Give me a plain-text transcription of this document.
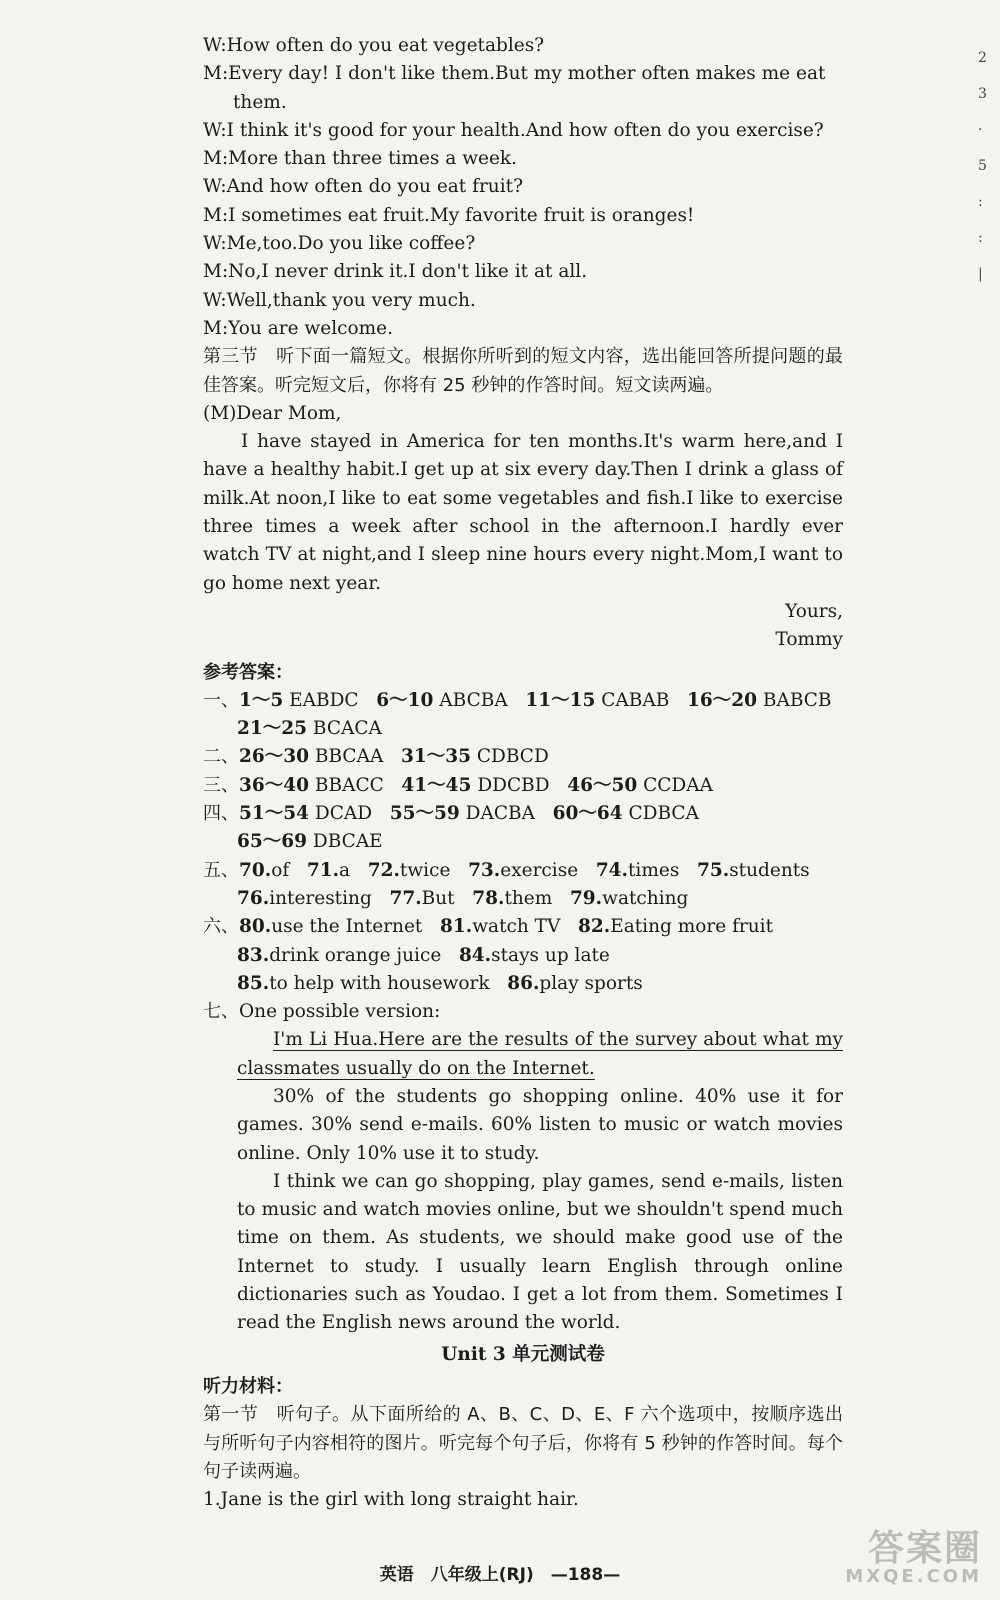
W:How often do you eat vegetables?
M:Every day! I don't like them.But my mother often makes me eat
them.
W:I think it's good for your health.And how often do you exercise?
M:More than three times a week.
W:And how often do you eat fruit?
M:I sometimes eat fruit.My favorite fruit is oranges!
W:Me,too.Do you like coffee?
M:No,I never drink it.I don't like it at all.
W:Well,thank you very much.
M:You are welcome.
第三节　听下面一篇短文。根据你所听到的短文内容，选出能回答所提问题的最佳答案。听完短文后，你将有 25 秒钟的作答时间。短文读两遍。
(M)Dear Mom,
I have stayed in America for ten months.It's warm here,and I have a healthy habit.I get up at six every day.Then I drink a glass of milk.At noon,I like to eat some vegetables and fish.I like to exercise three times a week after school in the afternoon.I hardly ever watch TV at night,and I sleep nine hours every night.Mom,I want to go home next year.
Yours,
Tommy
参考答案：
一、1～5 EABDC 6～10 ABCBA 11～15 CABAB 16～20 BABCB
21～25 BCACA
二、26～30 BBCAA 31～35 CDBCD
三、36～40 BBACC 41～45 DDCBD 46～50 CCDAA
四、51～54 DCAD 55～59 DACBA 60～64 CDBCA
65～69 DBCAE
五、70.of 71.a 72.twice 73.exercise 74.times 75.students
76.interesting 77.But 78.them 79.watching
六、80.use the Internet 81.watch TV 82.Eating more fruit
83.drink orange juice 84.stays up late
85.to help with housework 86.play sports
七、One possible version:
I'm Li Hua.Here are the results of the survey about what my classmates usually do on the Internet.
30% of the students go shopping online. 40% use it for games. 30% send e-mails. 60% listen to music or watch movies online. Only 10% use it to study.
I think we can go shopping, play games, send e-mails, listen to music and watch movies online, but we shouldn't spend much time on them. As students, we should make good use of the Internet to study. I usually learn English through online dictionaries such as Youdao. I get a lot from them. Sometimes I read the English news around the world.
Unit 3 单元测试卷
听力材料：
第一节　听句子。从下面所给的 A、B、C、D、E、F 六个选项中，按顺序选出与所听句子内容相符的图片。听完每个句子后，你将有 5 秒钟的作答时间。每个句子读两遍。
1.Jane is the girl with long straight hair.
2
3
·
5
:
:
|
英语　八年级上(RJ)　—188—
答案圈
MXQE.COM
